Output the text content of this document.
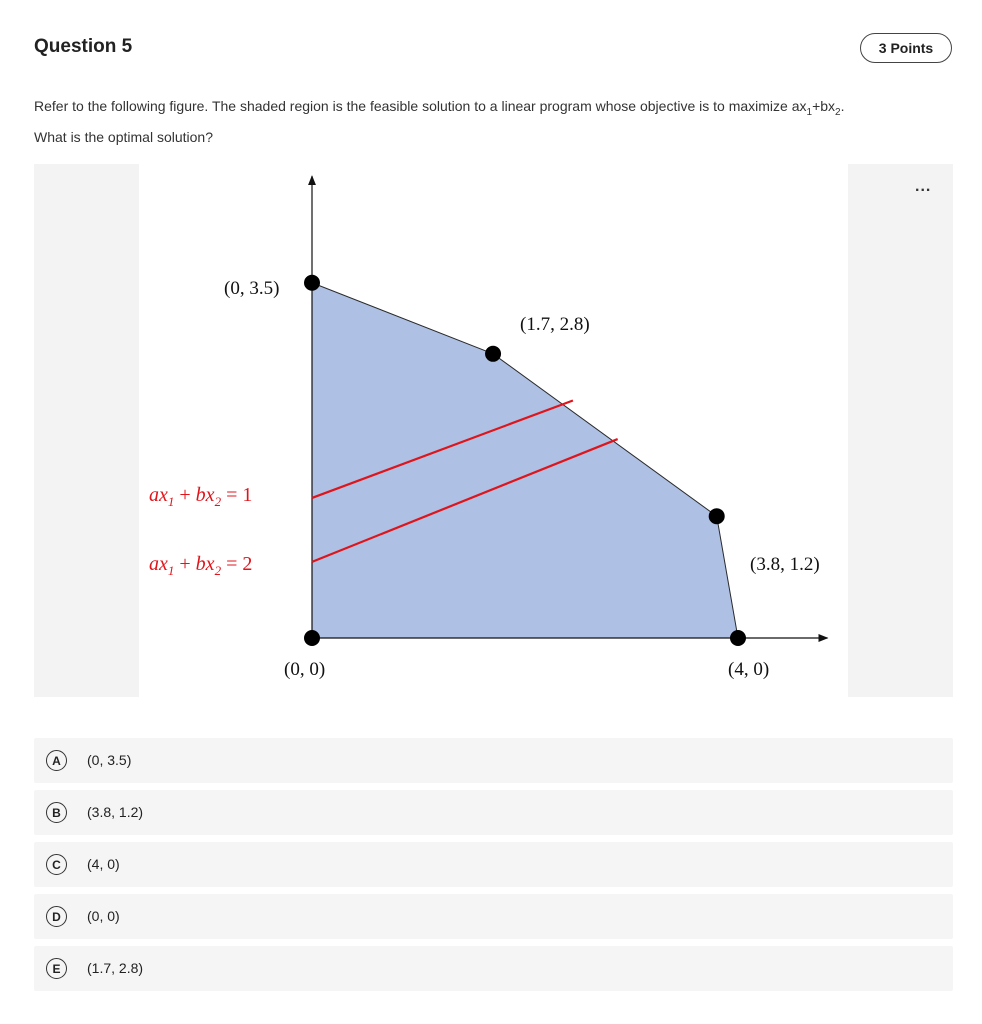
Question 5	3 Points
Refer to the following figure. The shaded region is the feasible solution to a linear program whose objective is to maximize $ax_1+bx_2$.
What is the optimal solution?
...
(0, 3.5)
(1.7, 2.8)
(3.8, 1.2)
(4, 0)
(0, 0)
$ax_1 + bx_2 = 1$
$ax_1 + bx_2 = 2$
A	(0, 3.5)
B	(3.8, 1.2)
C	(4, 0)
D	(0, 0)
E	(1.7, 2.8)
